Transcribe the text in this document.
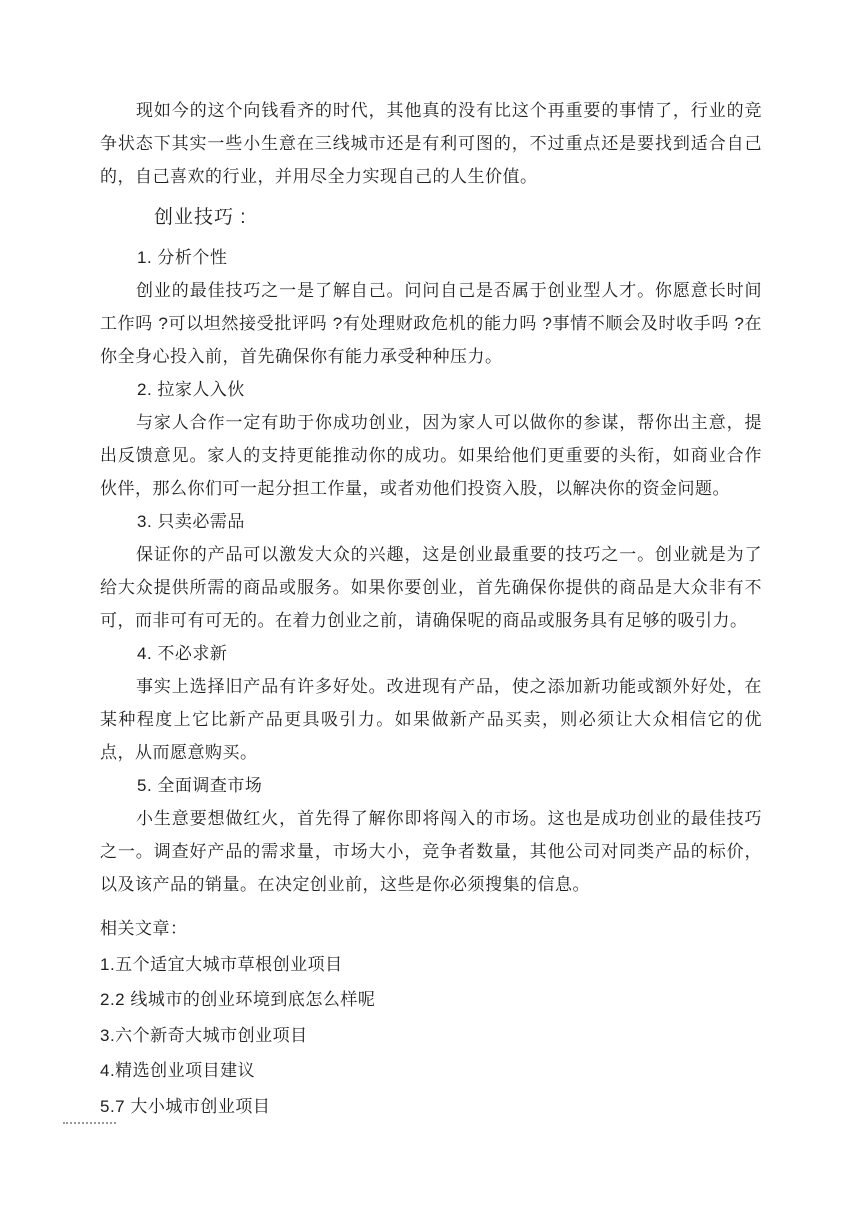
现如今的这个向钱看齐的时代，其他真的没有比这个再重要的事情了，行业的竞争状态下其实一些小生意在三线城市还是有利可图的，不过重点还是要找到适合自己的，自己喜欢的行业，并用尽全力实现自己的人生价值。

创业技巧 :

1. 分析个性

创业的最佳技巧之一是了解自己。问问自己是否属于创业型人才。你愿意长时间工作吗 ?可以坦然接受批评吗 ?有处理财政危机的能力吗 ?事情不顺会及时收手吗 ?在你全身心投入前，首先确保你有能力承受种种压力。

2. 拉家人入伙

与家人合作一定有助于你成功创业，因为家人可以做你的参谋，帮你出主意，提出反馈意见。家人的支持更能推动你的成功。如果给他们更重要的头衔，如商业合作伙伴，那么你们可一起分担工作量，或者劝他们投资入股，以解决你的资金问题。

3. 只卖必需品

保证你的产品可以激发大众的兴趣，这是创业最重要的技巧之一。创业就是为了给大众提供所需的商品或服务。如果你要创业，首先确保你提供的商品是大众非有不可，而非可有可无的。在着力创业之前，请确保呢的商品或服务具有足够的吸引力。

4. 不必求新

事实上选择旧产品有许多好处。改进现有产品，使之添加新功能或额外好处，在某种程度上它比新产品更具吸引力。如果做新产品买卖，则必须让大众相信它的优点，从而愿意购买。

5. 全面调查市场

小生意要想做红火，首先得了解你即将闯入的市场。这也是成功创业的最佳技巧之一。调查好产品的需求量，市场大小，竞争者数量，其他公司对同类产品的标价，以及该产品的销量。在决定创业前，这些是你必须搜集的信息。

相关文章：

1.五个适宜大城市草根创业项目

2.2 线城市的创业环境到底怎么样呢

3.六个新奇大城市创业项目

4.精选创业项目建议

5.7 大小城市创业项目
